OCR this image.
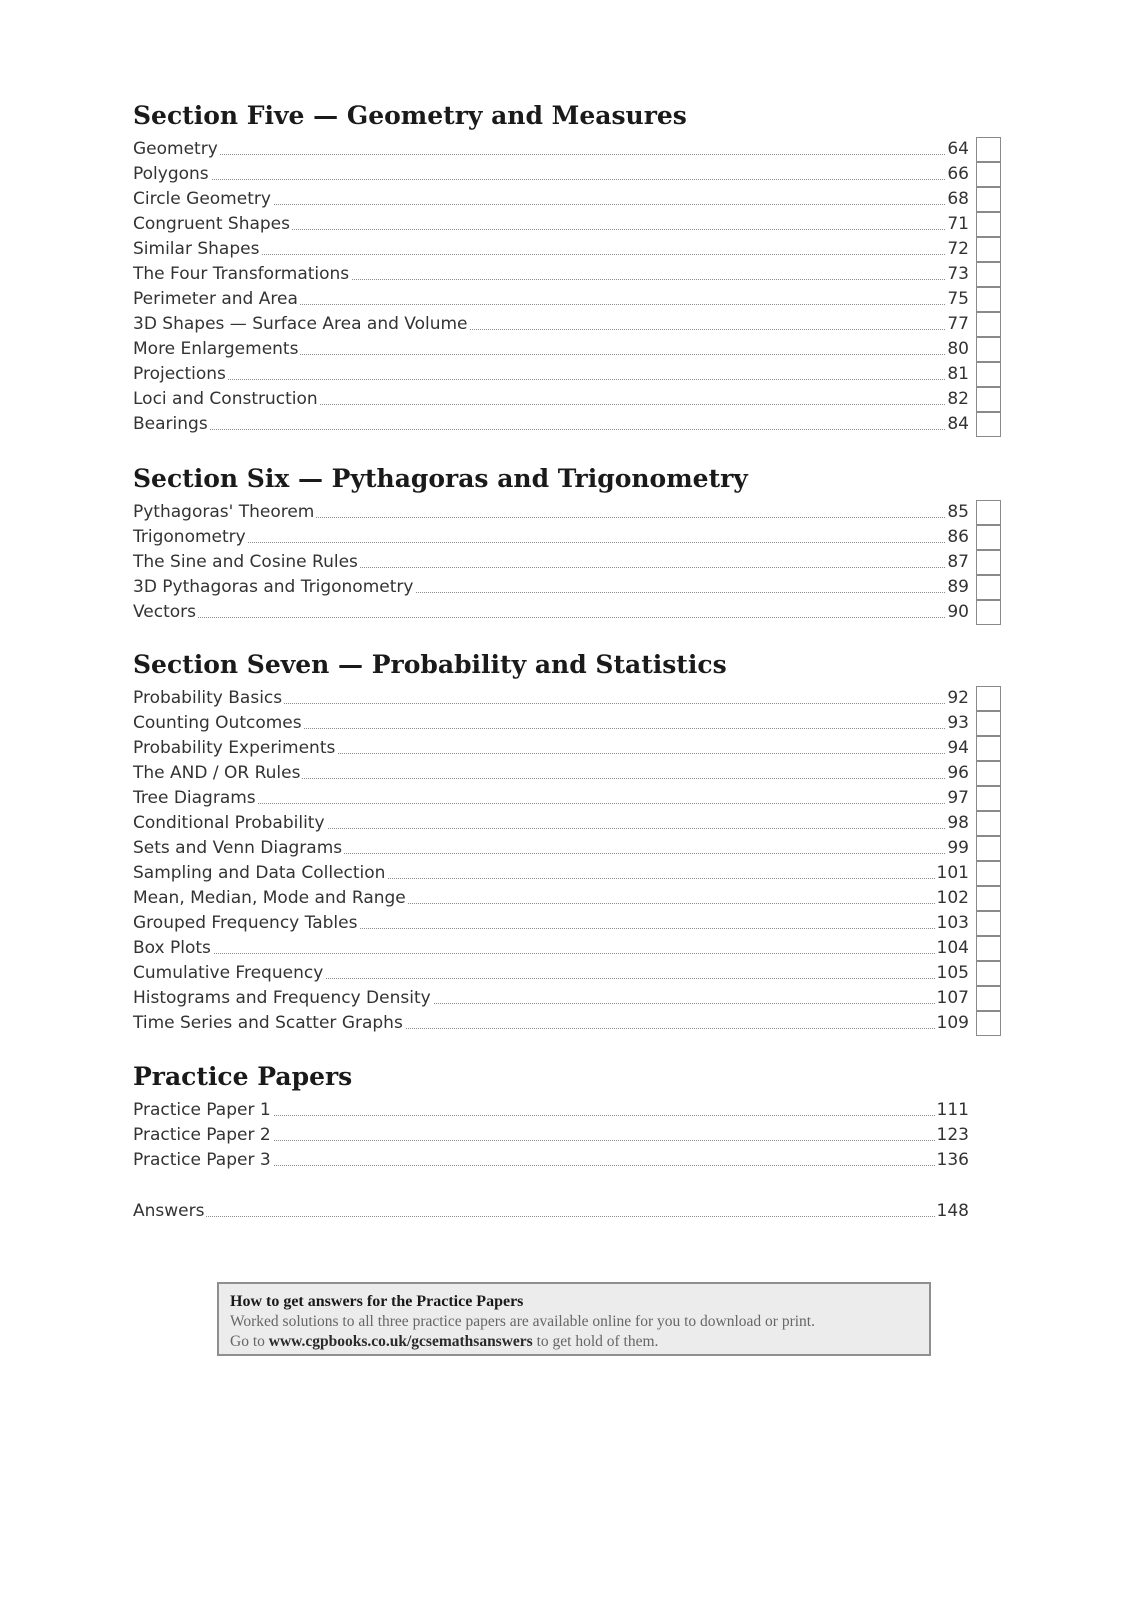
Section Five — Geometry and Measures
Geometry	64
Polygons	66
Circle Geometry	68
Congruent Shapes	71
Similar Shapes	72
The Four Transformations	73
Perimeter and Area	75
3D Shapes — Surface Area and Volume	77
More Enlargements	80
Projections	81
Loci and Construction	82
Bearings	84
Section Six — Pythagoras and Trigonometry
Pythagoras' Theorem	85
Trigonometry	86
The Sine and Cosine Rules	87
3D Pythagoras and Trigonometry	89
Vectors	90
Section Seven — Probability and Statistics
Probability Basics	92
Counting Outcomes	93
Probability Experiments	94
The AND / OR Rules	96
Tree Diagrams	97
Conditional Probability	98
Sets and Venn Diagrams	99
Sampling and Data Collection	101
Mean, Median, Mode and Range	102
Grouped Frequency Tables	103
Box Plots	104
Cumulative Frequency	105
Histograms and Frequency Density	107
Time Series and Scatter Graphs	109
Practice Papers
Practice Paper 1	111
Practice Paper 2	123
Practice Paper 3	136
Answers	148
How to get answers for the Practice Papers
Worked solutions to all three practice papers are available online for you to download or print.
Go to www.cgpbooks.co.uk/gcsemathsanswers to get hold of them.
